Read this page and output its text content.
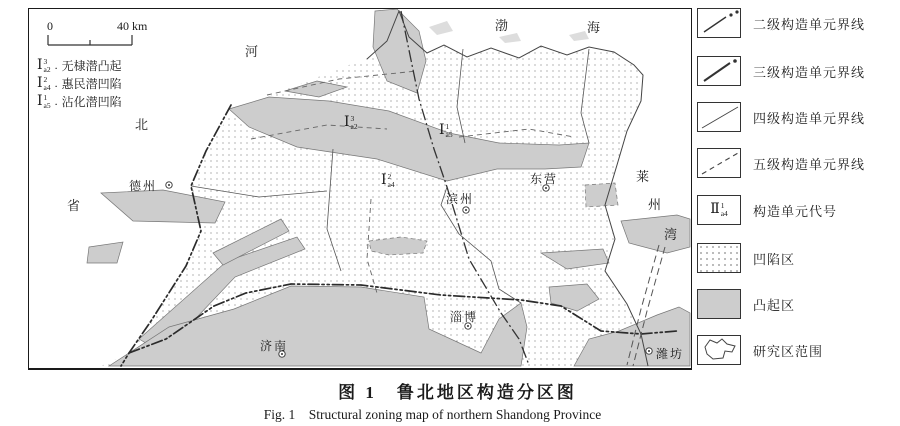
0	40 km
Ⅰ 3
a2 . 无棣潜凸起
Ⅰ 2
a4 . 惠民潜凹陷
Ⅰ 1
a5 . 沾化潜凹陷
Ⅰ 3
a2	Ⅰ 1
a5
Ⅰ 2
a4
德州
滨州
东营
济南
淄博
潍坊
渤	海
河
北
省
莱
州
湾
二级构造单元界线
三级构造单元界线
四级构造单元界线
五级构造单元界线
Ⅱ 1
a4 构造单元代号
凹陷区
凸起区
研究区范围
图 1　鲁北地区构造分区图
Fig. 1　Structural zoning map of northern Shandong Province
